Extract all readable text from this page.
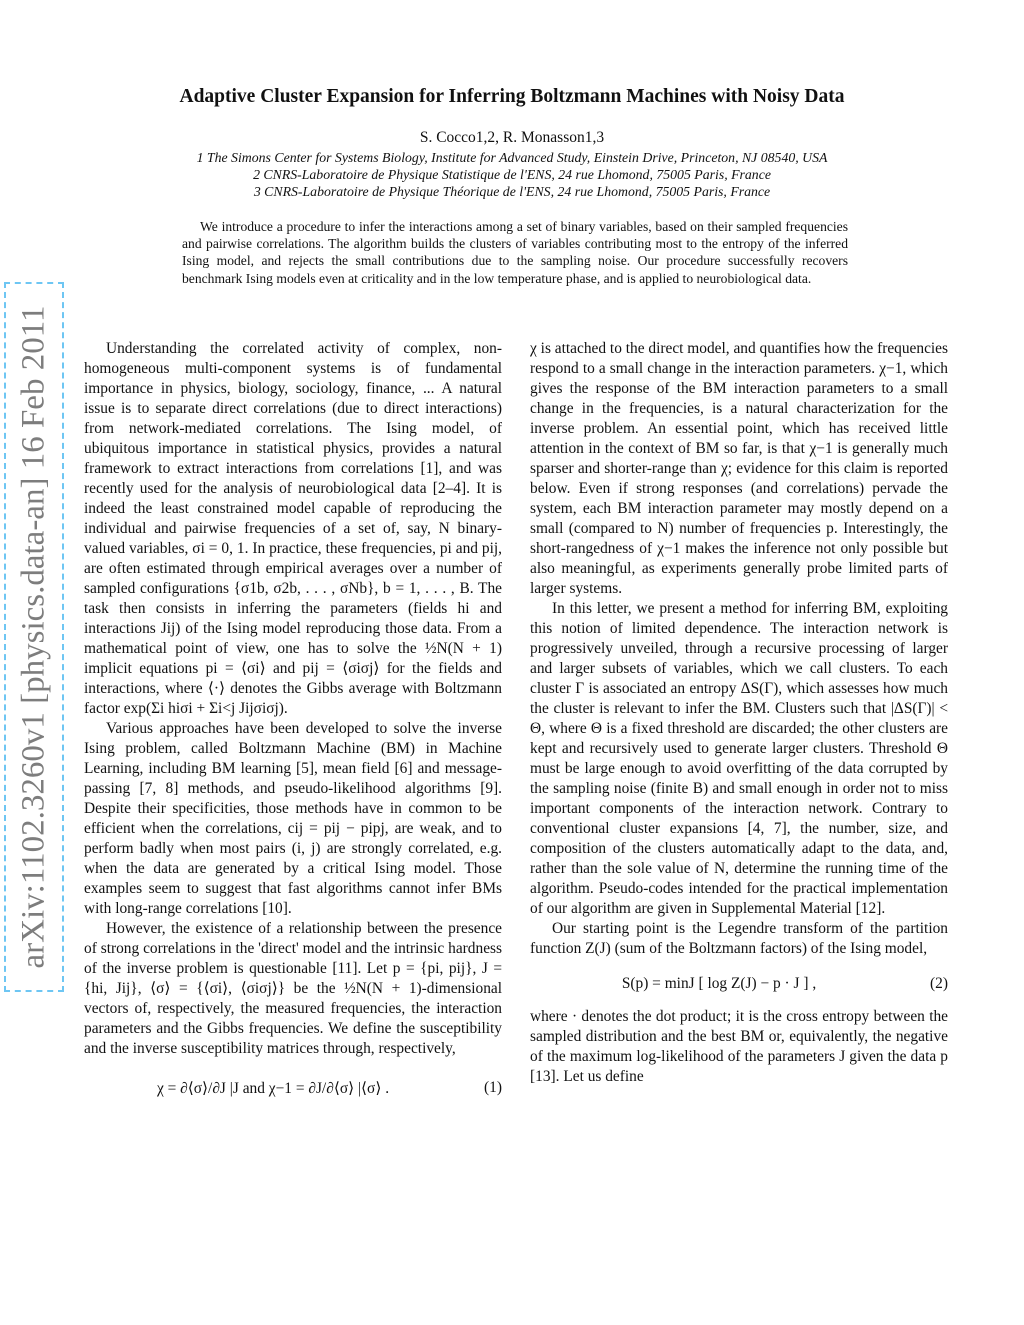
arXiv:1102.3260v1 [physics.data-an] 16 Feb 2011
Adaptive Cluster Expansion for Inferring Boltzmann Machines with Noisy Data
S. Cocco1,2, R. Monasson1,3
1 The Simons Center for Systems Biology, Institute for Advanced Study, Einstein Drive, Princeton, NJ 08540, USA
2 CNRS-Laboratoire de Physique Statistique de l'ENS, 24 rue Lhomond, 75005 Paris, France
3 CNRS-Laboratoire de Physique Théorique de l'ENS, 24 rue Lhomond, 75005 Paris, France

We introduce a procedure to infer the interactions among a set of binary variables, based on their sampled frequencies and pairwise correlations. The algorithm builds the clusters of variables contributing most to the entropy of the inferred Ising model, and rejects the small contributions due to the sampling noise. Our procedure successfully recovers benchmark Ising models even at criticality and in the low temperature phase, and is applied to neurobiological data.

Understanding the correlated activity of complex, non-homogeneous multi-component systems is of fundamental importance in physics, biology, sociology, finance, ... A natural issue is to separate direct correlations (due to direct interactions) from network-mediated correlations. The Ising model, of ubiquitous importance in statistical physics, provides a natural framework to extract interactions from correlations [1], and was recently used for the analysis of neurobiological data [2–4]. It is indeed the least constrained model capable of reproducing the individual and pairwise frequencies of a set of, say, N binary-valued variables, σi = 0, 1. In practice, these frequencies, pi and pij, are often estimated through empirical averages over a number of sampled configurations {σ1b, σ2b, . . . , σNb}, b = 1, . . . , B. The task then consists in inferring the parameters (fields hi and interactions Jij) of the Ising model reproducing those data. From a mathematical point of view, one has to solve the ½N(N + 1) implicit equations pi = ⟨σi⟩ and pij = ⟨σiσj⟩ for the fields and interactions, where ⟨·⟩ denotes the Gibbs average with Boltzmann factor exp(Σi hiσi + Σi<j Jijσiσj).

Various approaches have been developed to solve the inverse Ising problem, called Boltzmann Machine (BM) in Machine Learning, including BM learning [5], mean field [6] and message-passing [7, 8] methods, and pseudo-likelihood algorithms [9]. Despite their specificities, those methods have in common to be efficient when the correlations, cij = pij − pipj, are weak, and to perform badly when most pairs (i, j) are strongly correlated, e.g. when the data are generated by a critical Ising model. Those examples seem to suggest that fast algorithms cannot infer BMs with long-range correlations [10].

However, the existence of a relationship between the presence of strong correlations in the 'direct' model and the intrinsic hardness of the inverse problem is questionable [11]. Let p = {pi, pij}, J = {hi, Jij}, ⟨σ⟩ = {⟨σi⟩, ⟨σiσj⟩} be the ½N(N + 1)-dimensional vectors of, respectively, the measured frequencies, the interaction parameters and the Gibbs frequencies. We define the susceptibility and the inverse susceptibility matrices through, respectively,

χ = ∂⟨σ⟩/∂J |J and χ−1 = ∂J/∂⟨σ⟩ |⟨σ⟩ .	(1)

χ is attached to the direct model, and quantifies how the frequencies respond to a small change in the interaction parameters. χ−1, which gives the response of the BM interaction parameters to a small change in the frequencies, is a natural characterization for the inverse problem. An essential point, which has received little attention in the context of BM so far, is that χ−1 is generally much sparser and shorter-range than χ; evidence for this claim is reported below. Even if strong responses (and correlations) pervade the system, each BM interaction parameter may mostly depend on a small (compared to N) number of frequencies p. Interestingly, the short-rangedness of χ−1 makes the inference not only possible but also meaningful, as experiments generally probe limited parts of larger systems.

In this letter, we present a method for inferring BM, exploiting this notion of limited dependence. The interaction network is progressively unveiled, through a recursive processing of larger and larger subsets of variables, which we call clusters. To each cluster Γ is associated an entropy ΔS(Γ), which assesses how much the cluster is relevant to infer the BM. Clusters such that |ΔS(Γ)| < Θ, where Θ is a fixed threshold are discarded; the other clusters are kept and recursively used to generate larger clusters. Threshold Θ must be large enough to avoid overfitting of the data corrupted by the sampling noise (finite B) and small enough in order not to miss important components of the interaction network. Contrary to conventional cluster expansions [4, 7], the number, size, and composition of the clusters automatically adapt to the data, and, rather than the sole value of N, determine the running time of the algorithm. Pseudo-codes intended for the practical implementation of our algorithm are given in Supplemental Material [12].

Our starting point is the Legendre transform of the partition function Z(J) (sum of the Boltzmann factors) of the Ising model,

S(p) = minJ [ log Z(J) − p · J ] ,	(2)

where · denotes the dot product; it is the cross entropy between the sampled distribution and the best BM or, equivalently, the negative of the maximum log-likelihood of the parameters J given the data p [13]. Let us define
